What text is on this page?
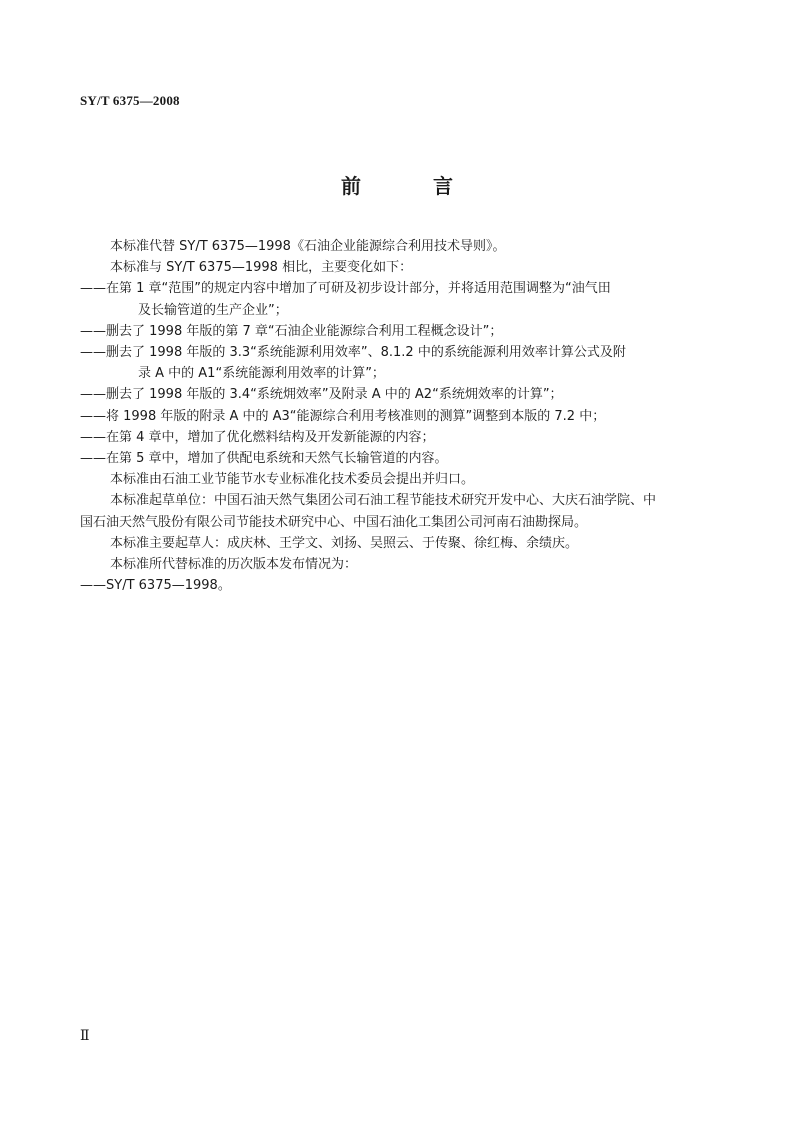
SY/T 6375—2008
前　言

本标准代替 SY/T 6375—1998《石油企业能源综合利用技术导则》。

本标准与 SY/T 6375—1998 相比，主要变化如下：

——在第 1 章“范围”的规定内容中增加了可研及初步设计部分，并将适用范围调整为“油气田

及长输管道的生产企业”；

——删去了 1998 年版的第 7 章“石油企业能源综合利用工程概念设计”；

——删去了 1998 年版的 3.3“系统能源利用效率”、8.1.2 中的系统能源利用效率计算公式及附

录 A 中的 A1“系统能源利用效率的计算”；

——删去了 1998 年版的 3.4“系统㶲效率”及附录 A 中的 A2“系统㶲效率的计算”；

——将 1998 年版的附录 A 中的 A3“能源综合利用考核准则的测算”调整到本版的 7.2 中；

——在第 4 章中，增加了优化燃料结构及开发新能源的内容；

——在第 5 章中，增加了供配电系统和天然气长输管道的内容。

本标准由石油工业节能节水专业标准化技术委员会提出并归口。

本标准起草单位：中国石油天然气集团公司石油工程节能技术研究开发中心、大庆石油学院、中

国石油天然气股份有限公司节能技术研究中心、中国石油化工集团公司河南石油勘探局。

本标准主要起草人：成庆林、王学文、刘扬、吴照云、于传聚、徐红梅、余绩庆。

本标准所代替标准的历次版本发布情况为：

——SY/T 6375—1998。

Ⅱ
